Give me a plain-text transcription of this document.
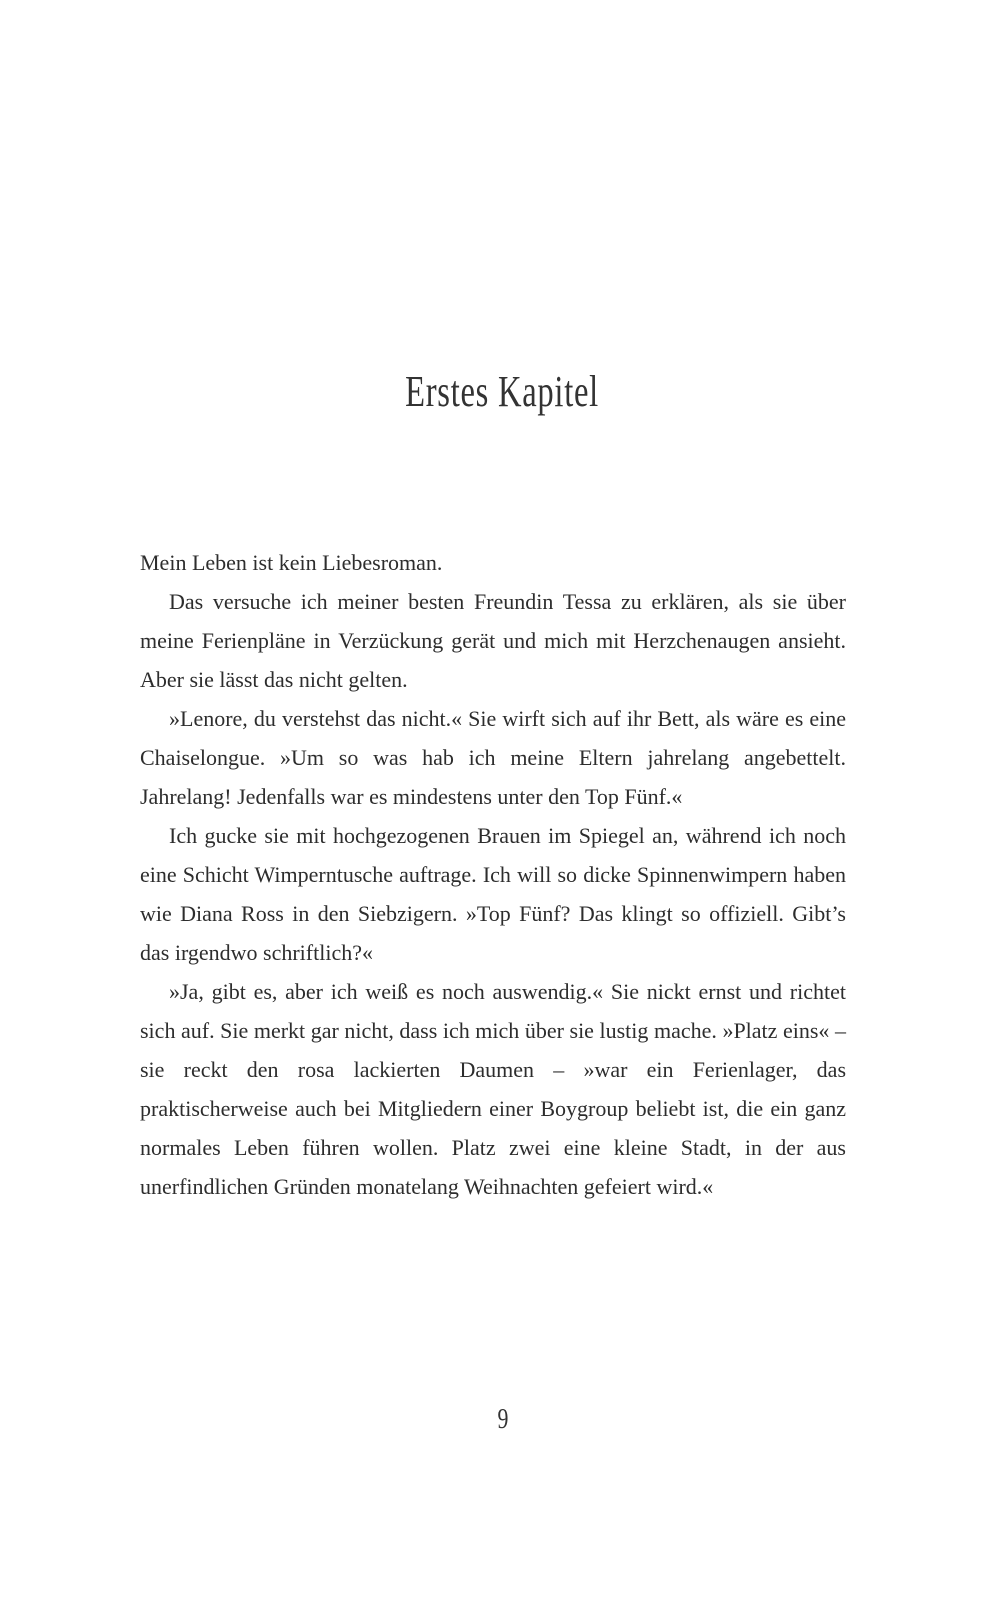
Erstes Kapitel

Mein Leben ist kein Liebesroman.

Das versuche ich meiner besten Freundin Tessa zu erklären, als sie über meine Ferienpläne in Verzückung gerät und mich mit Herzchenaugen ansieht. Aber sie lässt das nicht gelten.

»Lenore, du verstehst das nicht.« Sie wirft sich auf ihr Bett, als wäre es eine Chaiselongue. »Um so was hab ich meine Eltern jahrelang angebettelt. Jahrelang! Jedenfalls war es mindestens unter den Top Fünf.«

Ich gucke sie mit hochgezogenen Brauen im Spiegel an, während ich noch eine Schicht Wimperntusche auftrage. Ich will so dicke Spinnenwimpern haben wie Diana Ross in den Siebzigern. »Top Fünf? Das klingt so offiziell. Gibt’s das irgendwo schriftlich?«

»Ja, gibt es, aber ich weiß es noch auswendig.« Sie nickt ernst und richtet sich auf. Sie merkt gar nicht, dass ich mich über sie lustig mache. »Platz eins« – sie reckt den rosa lackierten Daumen – »war ein Ferienlager, das praktischerweise auch bei Mitgliedern einer Boygroup beliebt ist, die ein ganz normales Leben führen wollen. Platz zwei eine kleine Stadt, in der aus unerfindlichen Gründen monatelang Weihnachten gefeiert wird.«

9
